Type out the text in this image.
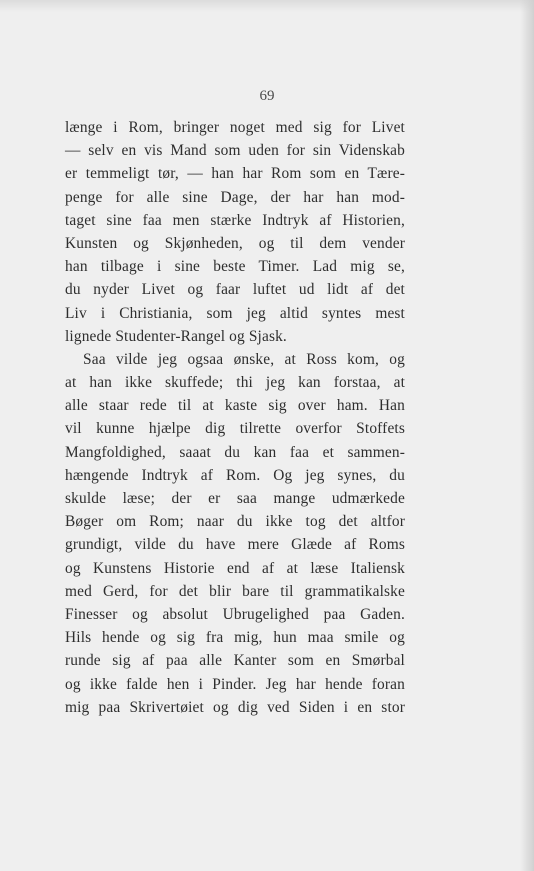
69
længe i Rom, bringer noget med sig for Livet
— selv en vis Mand som uden for sin Videnskab
er temmeligt tør, — han har Rom som en Tære-
penge for alle sine Dage, der har han mod-
taget sine faa men stærke Indtryk af Historien,
Kunsten og Skjønheden, og til dem vender
han tilbage i sine beste Timer. Lad mig se,
du nyder Livet og faar luftet ud lidt af det
Liv i Christiania, som jeg altid syntes mest
lignede Studenter-Rangel og Sjask.
Saa vilde jeg ogsaa ønske, at Ross kom, og
at han ikke skuffede; thi jeg kan forstaa, at
alle staar rede til at kaste sig over ham. Han
vil kunne hjælpe dig tilrette overfor Stoffets
Mangfoldighed, saaat du kan faa et sammen-
hængende Indtryk af Rom. Og jeg synes, du
skulde læse; der er saa mange udmærkede
Bøger om Rom; naar du ikke tog det altfor
grundigt, vilde du have mere Glæde af Roms
og Kunstens Historie end af at læse Italiensk
med Gerd, for det blir bare til grammatikalske
Finesser og absolut Ubrugelighed paa Gaden.
Hils hende og sig fra mig, hun maa smile og
runde sig af paa alle Kanter som en Smørbal
og ikke falde hen i Pinder. Jeg har hende foran
mig paa Skrivertøiet og dig ved Siden i en stor
